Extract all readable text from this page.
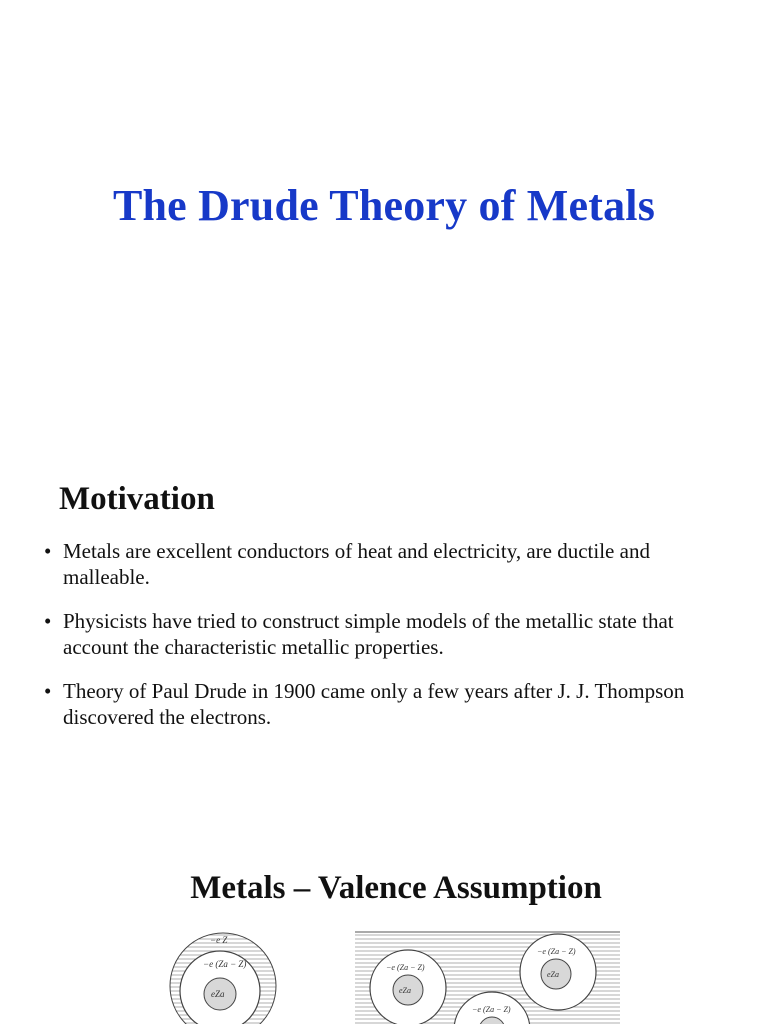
The Drude Theory of Metals
Motivation
• Metals are excellent conductors of heat and electricity, are ductile and malleable.
• Physicists have tried to construct simple models of the metallic state that account the characteristic metallic properties.
• Theory of Paul Drude in 1900 came only a few years after J. J. Thompson discovered the electrons.
Metals – Valence Assumption
−e Z
−e (Za − Z)
eZa
−e (Za − Z)
eZa
−e (Za − Z)
eZa
−e (Za − Z)
